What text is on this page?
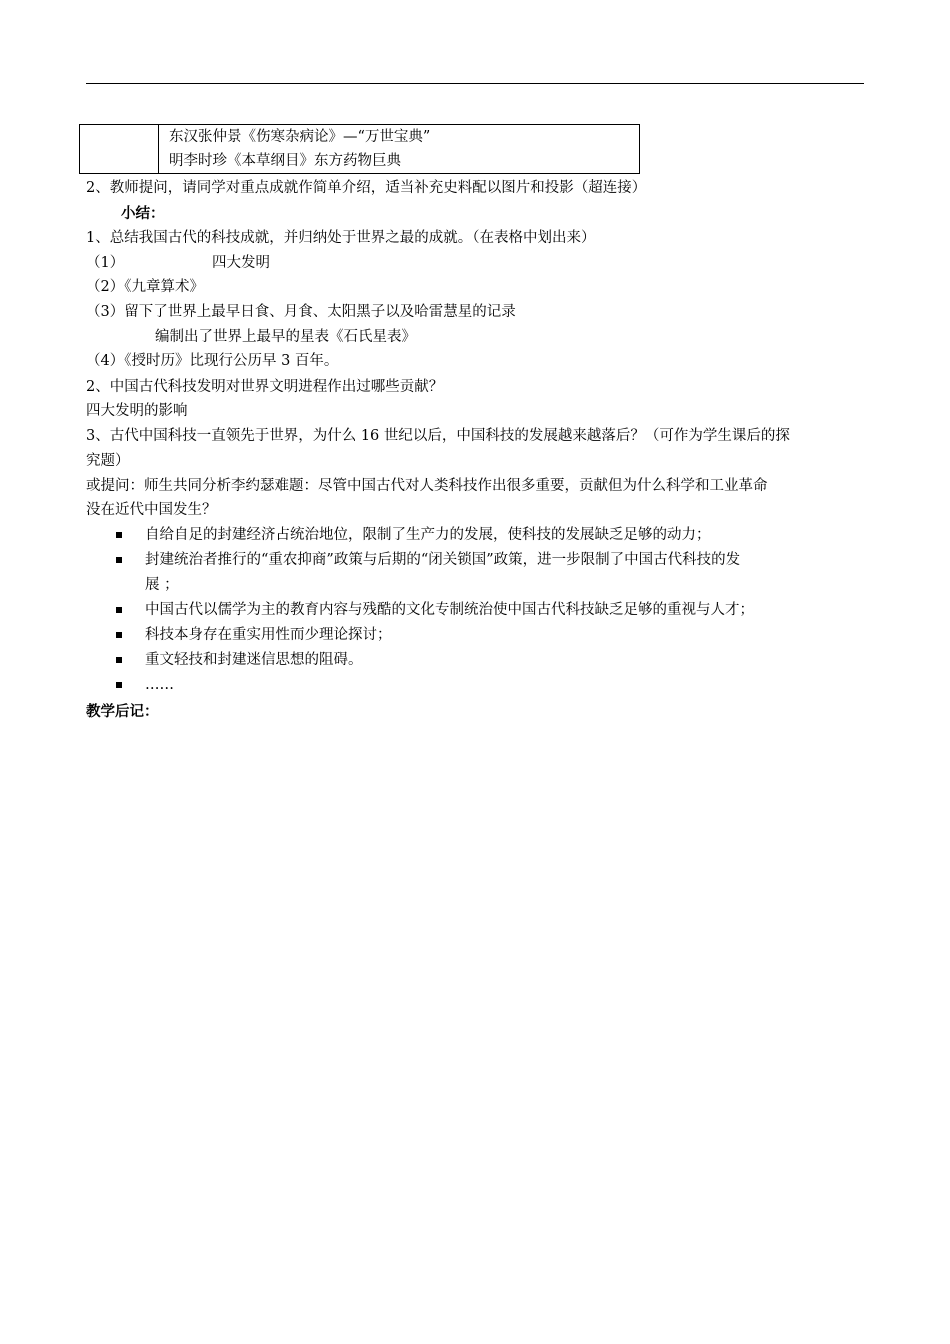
东汉张仲景《伤寒杂病论》—“万世宝典”
明李时珍《本草纲目》东方药物巨典
2、教师提问，请同学对重点成就作简单介绍，适当补充史料配以图片和投影（超连接）
小结：
1、总结我国古代的科技成就，并归纳处于世界之最的成就。（在表格中划出来）
（1）	四大发明
（2）《九章算术》
（3）留下了世界上最早日食、月食、太阳黑子以及哈雷慧星的记录
编制出了世界上最早的星表《石氏星表》
（4）《授时历》比现行公历早 3 百年。
2、中国古代科技发明对世界文明进程作出过哪些贡献？
四大发明的影响
3、古代中国科技一直领先于世界，为什么 16 世纪以后，中国科技的发展越来越落后？（可作为学生课后的探
究题）
或提问：师生共同分析李约瑟难题：尽管中国古代对人类科技作出很多重要，贡献但为什么科学和工业革命
没在近代中国发生？
自给自足的封建经济占统治地位，限制了生产力的发展，使科技的发展缺乏足够的动力；
封建统治者推行的“重农抑商”政策与后期的“闭关锁国”政策，进一步限制了中国古代科技的发
展 ；
中国古代以儒学为主的教育内容与残酷的文化专制统治使中国古代科技缺乏足够的重视与人才；
科技本身存在重实用性而少理论探讨；
重文轻技和封建迷信思想的阻碍。
……
教学后记：
